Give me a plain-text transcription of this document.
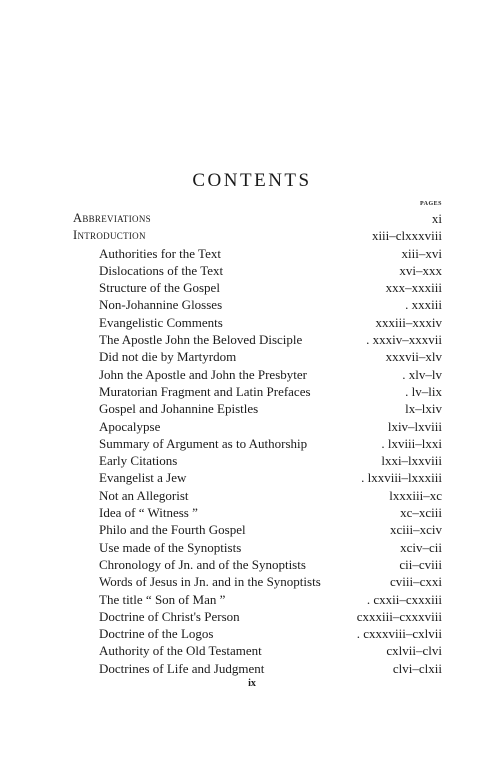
CONTENTS
PAGES
Abbreviations	xi
Introduction	xiii–clxxxviii
Authorities for the Text	xiii–xvi
Dislocations of the Text	xvi–xxx
Structure of the Gospel	xxx–xxxiii
Non-Johannine Glosses	. xxxiii
Evangelistic Comments	xxxiii–xxxiv
The Apostle John the Beloved Disciple	. xxxiv–xxxvii
Did not die by Martyrdom	xxxvii–xlv
John the Apostle and John the Presbyter	. xlv–lv
Muratorian Fragment and Latin Prefaces	. lv–lix
Gospel and Johannine Epistles	lx–lxiv
Apocalypse	lxiv–lxviii
Summary of Argument as to Authorship	. lxviii–lxxi
Early Citations	lxxi–lxxviii
Evangelist a Jew	. lxxviii–lxxxiii
Not an Allegorist	lxxxiii–xc
Idea of “ Witness ”	xc–xciii
Philo and the Fourth Gospel	xciii–xciv
Use made of the Synoptists	xciv–cii
Chronology of Jn. and of the Synoptists	cii–cviii
Words of Jesus in Jn. and in the Synoptists	cviii–cxxi
The title “ Son of Man ”	. cxxii–cxxxiii
Doctrine of Christ's Person	cxxxiii–cxxxviii
Doctrine of the Logos	. cxxxviii–cxlvii
Authority of the Old Testament	cxlvii–clvi
Doctrines of Life and Judgment	clvi–clxii
ix
